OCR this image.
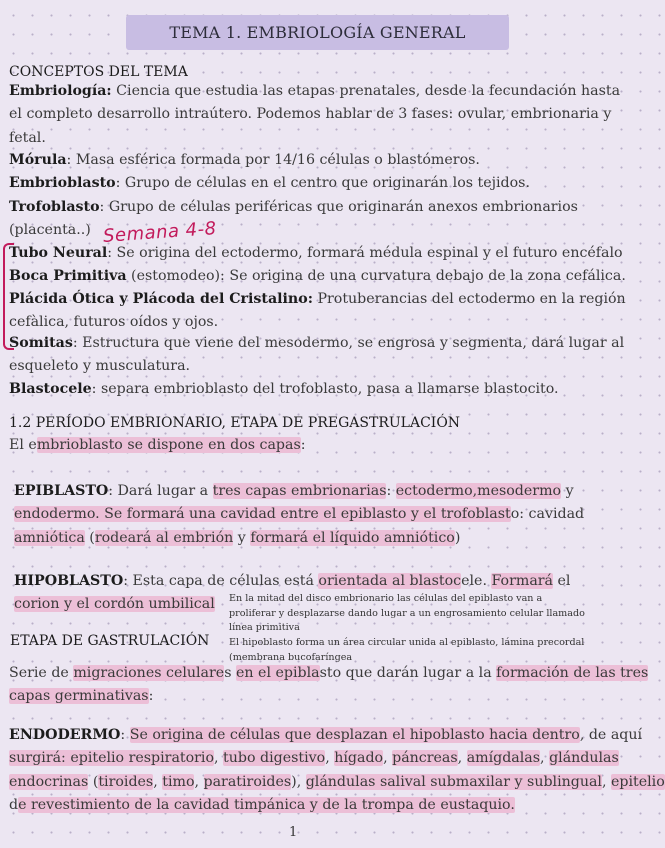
TEMA 1. EMBRIOLOGÍA GENERAL
CONCEPTOS DEL TEMA
Embriología: Ciencia que estudia las etapas prenatales, desde la fecundación hasta
el completo desarrollo intraútero. Podemos hablar de 3 fases: ovular, embrionaria y
fetal.
Mórula: Masa esférica formada por 14/16 células o blastómeros.
Embrioblasto: Grupo de células en el centro que originarán los tejidos.
Trofoblasto: Grupo de células periféricas que originarán anexos embrionarios
(placenta..) Semana 4-8
Tubo Neural: Se origina del ectodermo, formará médula espinal y el futuro encéfalo
Boca Primitiva (estomodeo): Se origina de una curvatura debajo de la zona cefálica.
Plácida Ótica y Plácoda del Cristalino: Protuberancias del ectodermo en la región
cefàlica, futuros oídos y ojos.
Somitas: Estructura que viene del mesodermo, se engrosa y segmenta, dará lugar al
esqueleto y musculatura.
Blastocele: separa embrioblasto del trofoblasto, pasa a llamarse blastocito.
1.2 PERÍODO EMBRIONARIO, ETAPA DE PREGASTRULACIÓN
El embrioblasto se dispone en dos capas:
EPIBLASTO: Dará lugar a tres capas embrionarias: ectodermo,mesodermo y
endodermo. Se formará una cavidad entre el epiblasto y el trofoblasto: cavidad
amniótica (rodeará al embrión y formará el líquido amniótico)
HIPOBLASTO: Esta capa de células está orientada al blastocele. Formará el
corion y el cordón umbilical	En la mitad del disco embrionario las células del epiblasto van a
proliferar y desplazarse dando lugar a un engrosamiento celular llamado
línea primitiva
El hipoblasto forma un área circular unida al epiblasto, lámina precordal
(membrana bucofaríngea
ETAPA DE GASTRULACIÓN
Serie de migraciones celulares en el epiblasto que darán lugar a la formación de las tres
capas germinativas:
ENDODERMO: Se origina de células que desplazan el hipoblasto hacia dentro, de aquí
surgirá: epitelio respiratorio, tubo digestivo, hígado, páncreas, amígdalas, glándulas
endocrinas (tiroides, timo, paratiroides), glándulas salival submaxilar y sublingual, epitelio
de revestimiento de la cavidad timpánica y de la trompa de eustaquio.
1
